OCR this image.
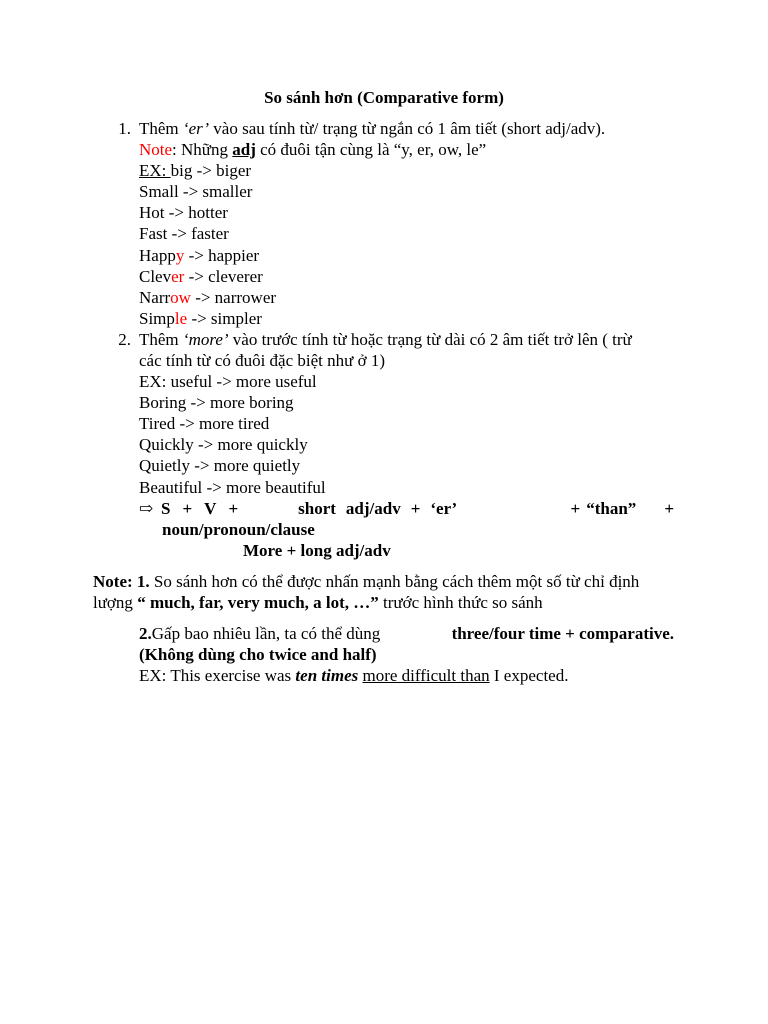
So sánh hơn (Comparative form)
1. Thêm ‘er’ vào sau tính từ/ trạng từ ngắn có 1 âm tiết (short adj/adv).
Note: Những adj có đuôi tận cùng là “y, er, ow, le”
EX: big -> biger
Small -> smaller
Hot -> hotter
Fast -> faster
Happy -> happier
Clever -> cleverer
Narrow -> narrower
Simple -> simpler
2. Thêm ‘more’ vào trước tính từ hoặc trạng từ dài có 2 âm tiết trở lên ( trừ
các tính từ có đuôi đặc biệt như ở 1)
EX: useful -> more useful
Boring -> more boring
Tired -> more tired
Quickly -> more quickly
Quietly -> more quietly
Beautiful -> more beautiful
⇨ S + V +	short adj/adv + ‘er’	+ “than” +
noun/pronoun/clause
More + long adj/adv
Note: 1. So sánh hơn có thể được nhấn mạnh bằng cách thêm một số từ chỉ định
lượng “ much, far, very much, a lot, …” trước hình thức so sánh
2.Gấp bao nhiêu lần, ta có thể dùng	three/four time + comparative.
(Không dùng cho twice and half)
EX: This exercise was ten times more difficult than I expected.
